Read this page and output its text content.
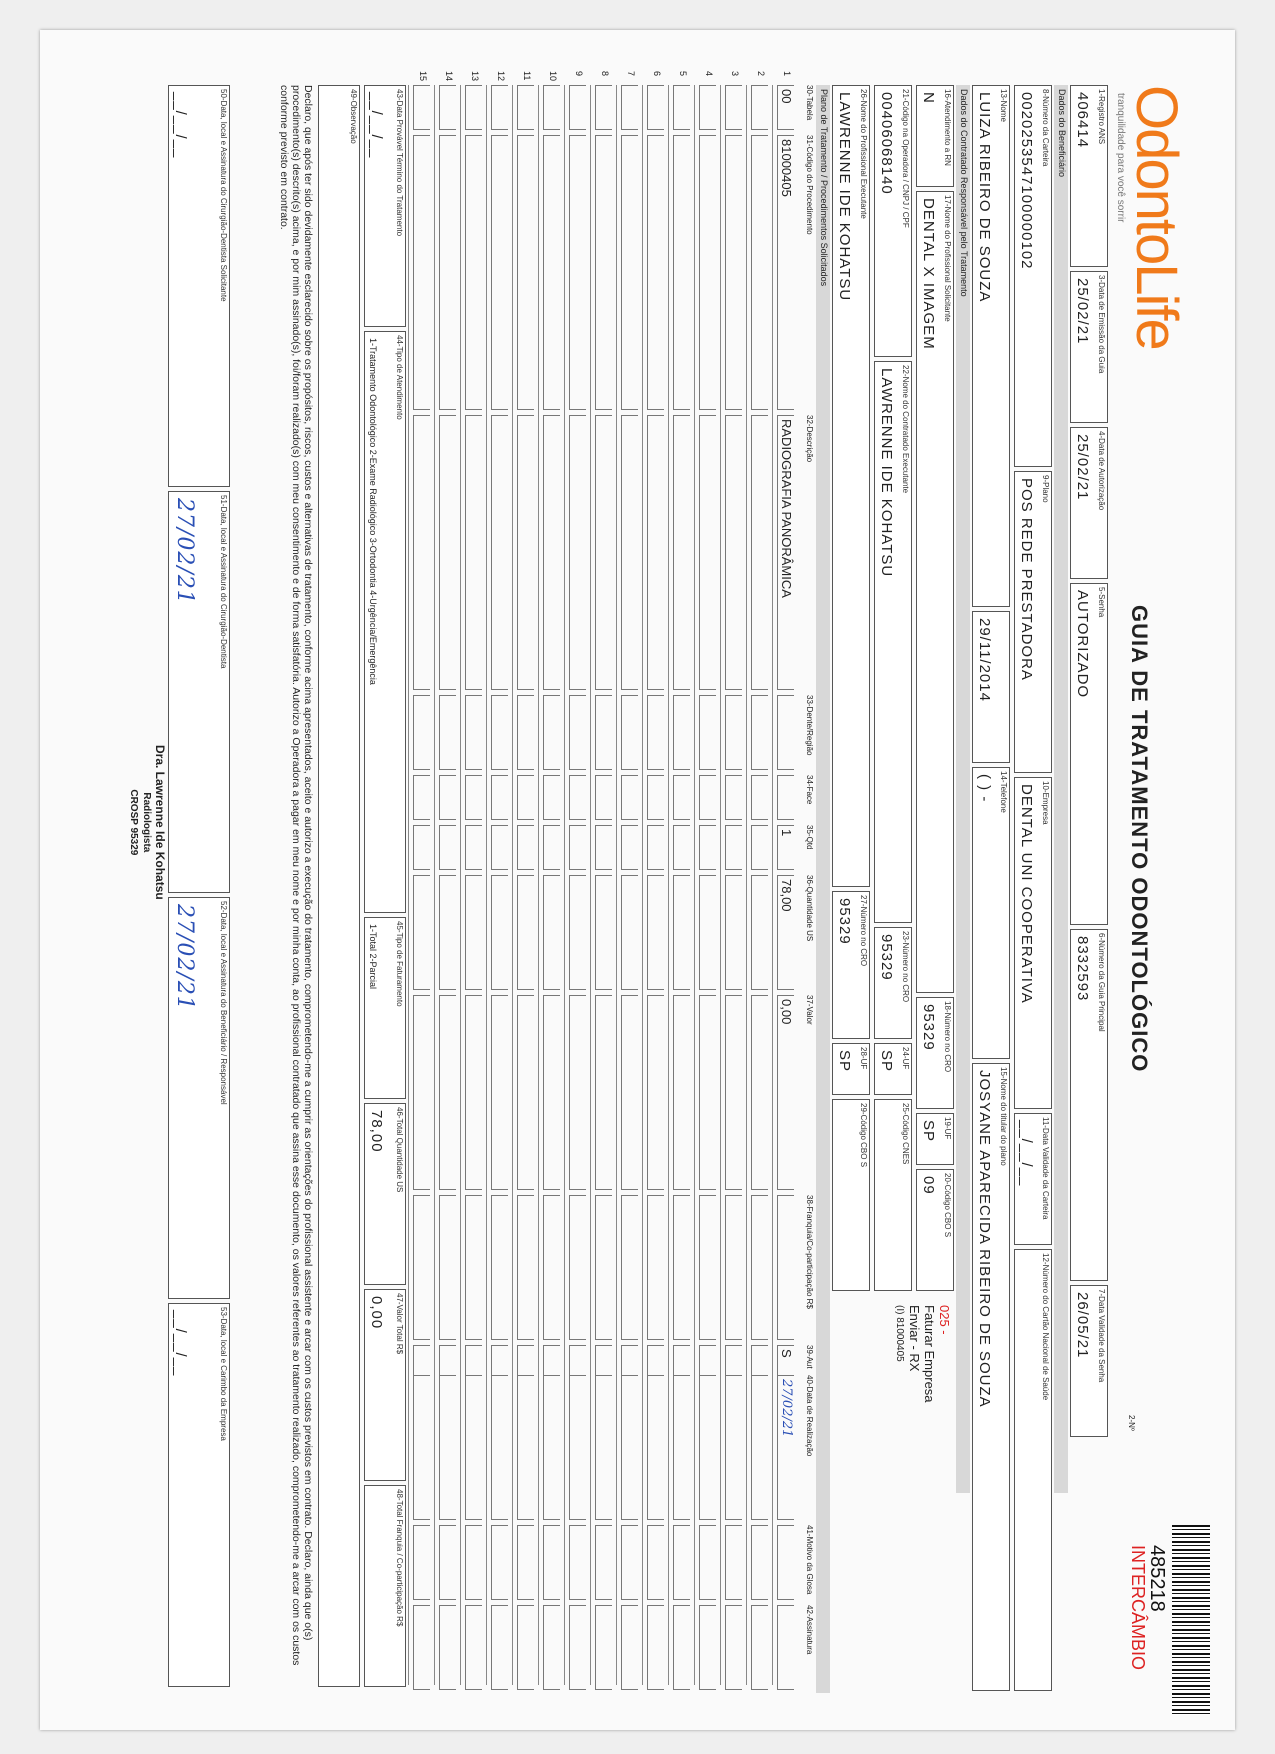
OdontoLife
tranquilidade para você sorrir
GUIA DE TRATAMENTO ODONTOLÓGICO
485218
INTERCÂMBIO
2-Nº
1-Registro ANS
406414
3-Data de Emissão da Guia
25/02/21
4-Data de Autorização
25/02/21
5-Senha
AUTORIZADO
6-Número da Guia Principal
8332593
7-Data Validade da Senha
26/05/21
Dados do Beneficiário
8-Número da Carteira
0020253547100000102
9-Plano
POS REDE PRESTADORA
10-Empresa
DENTAL UNI COOPERATIVA
11-Data Validade da Carteira
__/__/__
12-Número do Cartão Nacional de Saúde
13-Nome
LUIZA RIBEIRO DE SOUZA
29/11/2014
14-Telefone
( ) -
15-Nome do titular do plano
JOSYANE APARECIDA RIBEIRO DE SOUZA
Dados do Contratado Responsável pelo Tratamento
16-Atendimento a RN
N
17-Nome do Profissional Solicitante
DENTAL X IMAGEM
18-Número no CRO
95329
19-UF
SP
20-Código CBO S
09
21-Código na Operadora / CNPJ / CPF
00406068140
22-Nome do Contratado Executante
LAWRENNE IDE KOHATSU
23-Número no CRO
95329
24-UF
SP
25-Código CNES
26-Nome do Profissional Executante
LAWRENNE IDE KOHATSU
27-Número no CRO
95329
28-UF
SP
29-Código CBO S
025 -
Faturar Empresa
Enviar - RX
(I) 81000405
Plano de Tratamento / Procedimentos Solicitados
30-Tabela
31-Código do Procedimento
32-Descrição
33-Dente/Região
34-Face
35-Qtd
36-Quantidade US
37-Valor
38-Franquia/Co-participação R$
39-Aut
40-Data de Realização
41-Motivo da Glosa
42-Assinatura
1
00
81000405
RADIOGRAFIA PANORÂMICA
1
78,00
0,00
S
27/02/21
2
3
4
5
6
7
8
9
10
11
12
13
14
15
43-Data Provável Término do Tratamento
__/__/__
44-Tipo de Atendimento
1-Tratamento Odontológico 2-Exame Radiológico 3-Ortodontia 4-Urgência/Emergência
45-Tipo de Faturamento
1-Total 2-Parcial
46-Total Quantidade US
78,00
47-Valor Total R$
0,00
48-Total Franquia / Co-participação R$
49-Observação
Declaro, que após ter sido devidamente esclarecido sobre os propósitos, riscos, custos e alternativas de tratamento, conforme acima apresentados, aceito e autorizo a execução do tratamento, comprometendo-me a cumprir as orientações do profissional assistente e arcar com os custos previstos em contrato. Declaro, ainda que o(s) procedimento(s) descrito(s) acima, e por mim assinado(s), foi/foram realizado(s) com meu consentimento e de forma satisfatória. Autorizo a Operadora a pagar em meu nome e por minha conta, ao profissional contratado que assina esse documento, os valores referentes ao tratamento realizado, comprometendo-me a arcar com os custos conforme previsto em contrato.
50-Data, local e Assinatura do Cirurgião-Dentista Solicitante
__/__/__
51-Data, local e Assinatura do Cirurgião-Dentista
27/02/21
52-Data, local e Assinatura do Beneficiário / Responsável
27/02/21
53-Data, local e Carimbo da Empresa
__/__/__
Dra. Lawrenne Ide Kohatsu
Radiologista
CROSP 95329
